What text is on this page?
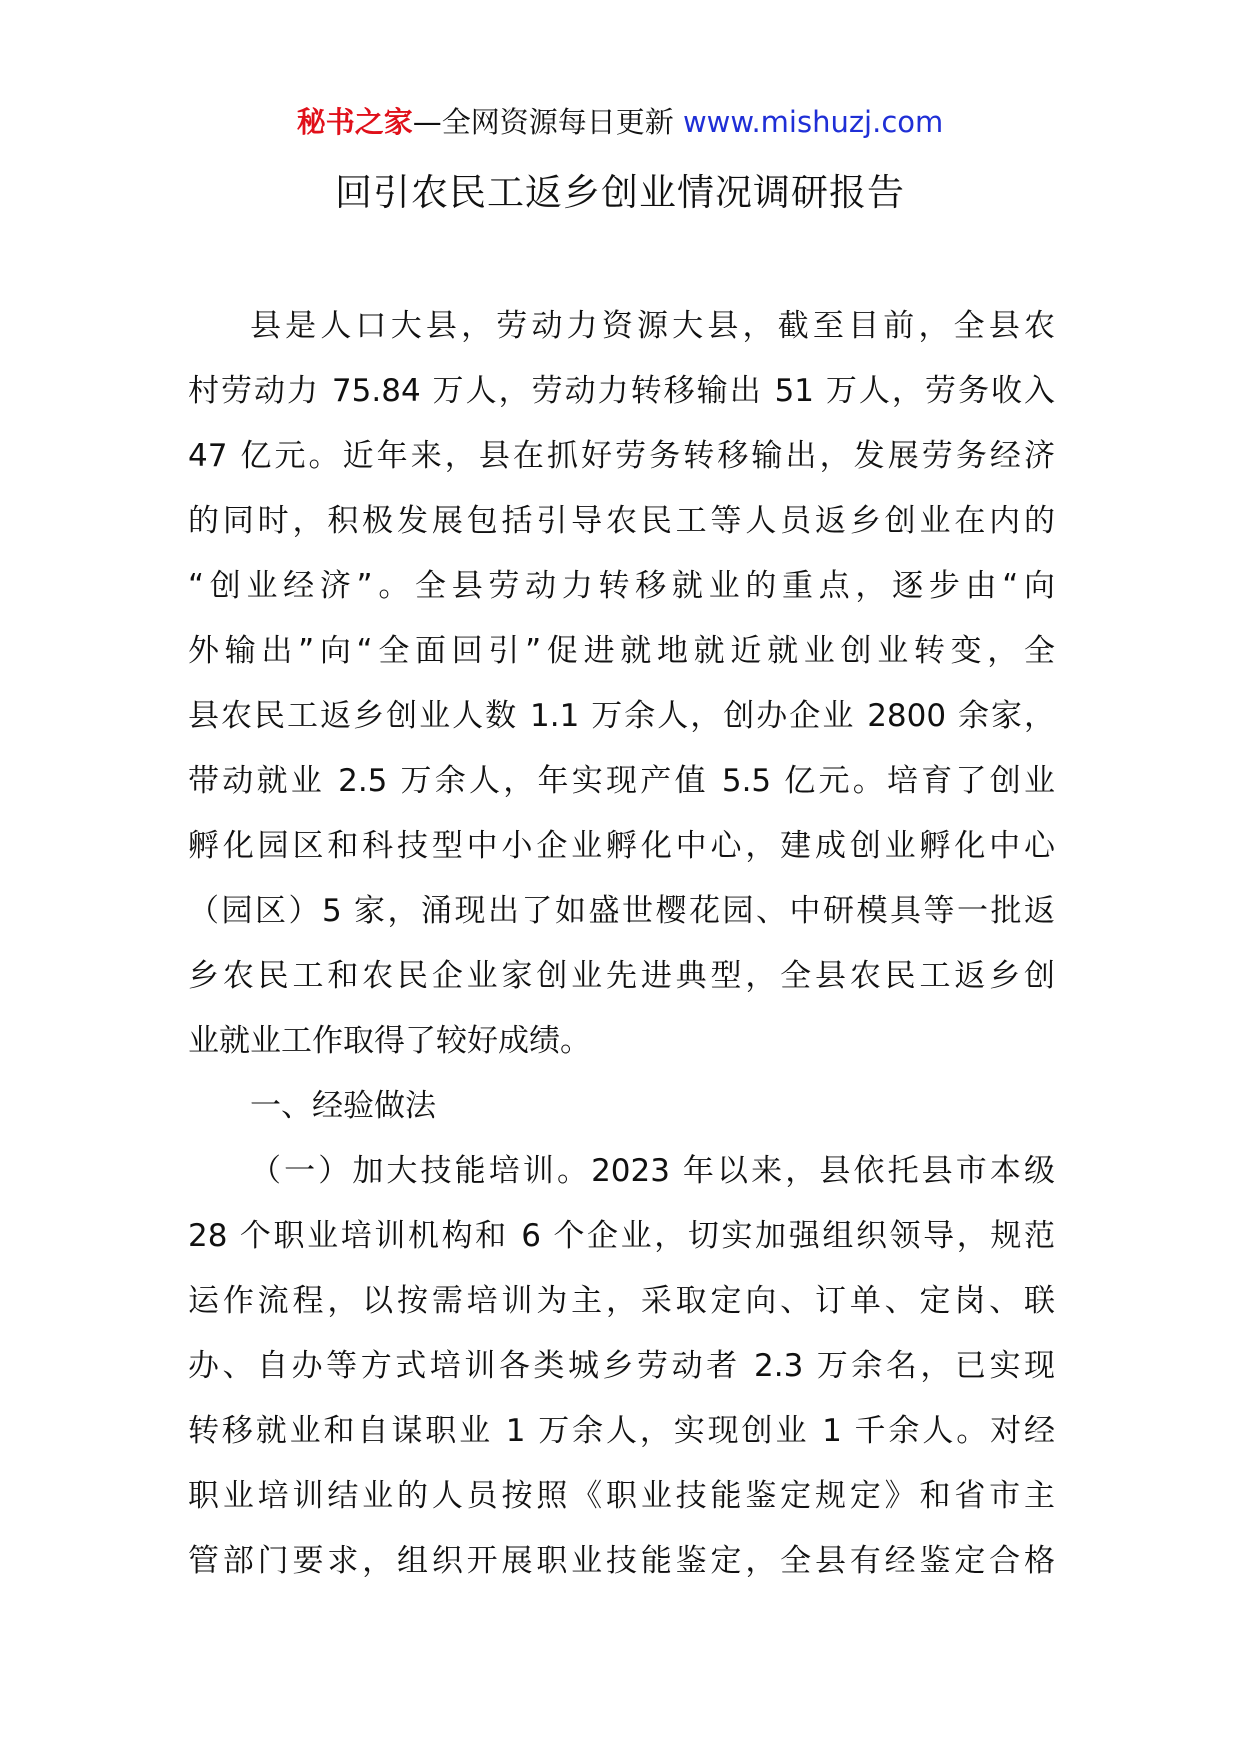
秘书之家—全网资源每日更新 www.mishuzj.com
回引农民工返乡创业情况调研报告
县是人口大县，劳动力资源大县，截至目前，全县农
村劳动力 75.84 万人，劳动力转移输出 51 万人，劳务收入
47 亿元。近年来，县在抓好劳务转移输出，发展劳务经济
的同时，积极发展包括引导农民工等人员返乡创业在内的
“创业经济”。全县劳动力转移就业的重点，逐步由“向
外输出”向“全面回引”促进就地就近就业创业转变，全
县农民工返乡创业人数 1.1 万余人，创办企业 2800 余家，
带动就业 2.5 万余人，年实现产值 5.5 亿元。培育了创业
孵化园区和科技型中小企业孵化中心，建成创业孵化中心
（园区）5 家，涌现出了如盛世樱花园、中研模具等一批返
乡农民工和农民企业家创业先进典型，全县农民工返乡创
业就业工作取得了较好成绩。
一、经验做法
（一）加大技能培训。2023 年以来，县依托县市本级
28 个职业培训机构和 6 个企业，切实加强组织领导，规范
运作流程，以按需培训为主，采取定向、订单、定岗、联
办、自办等方式培训各类城乡劳动者 2.3 万余名，已实现
转移就业和自谋职业 1 万余人，实现创业 1 千余人。对经
职业培训结业的人员按照《职业技能鉴定规定》和省市主
管部门要求，组织开展职业技能鉴定，全县有经鉴定合格
